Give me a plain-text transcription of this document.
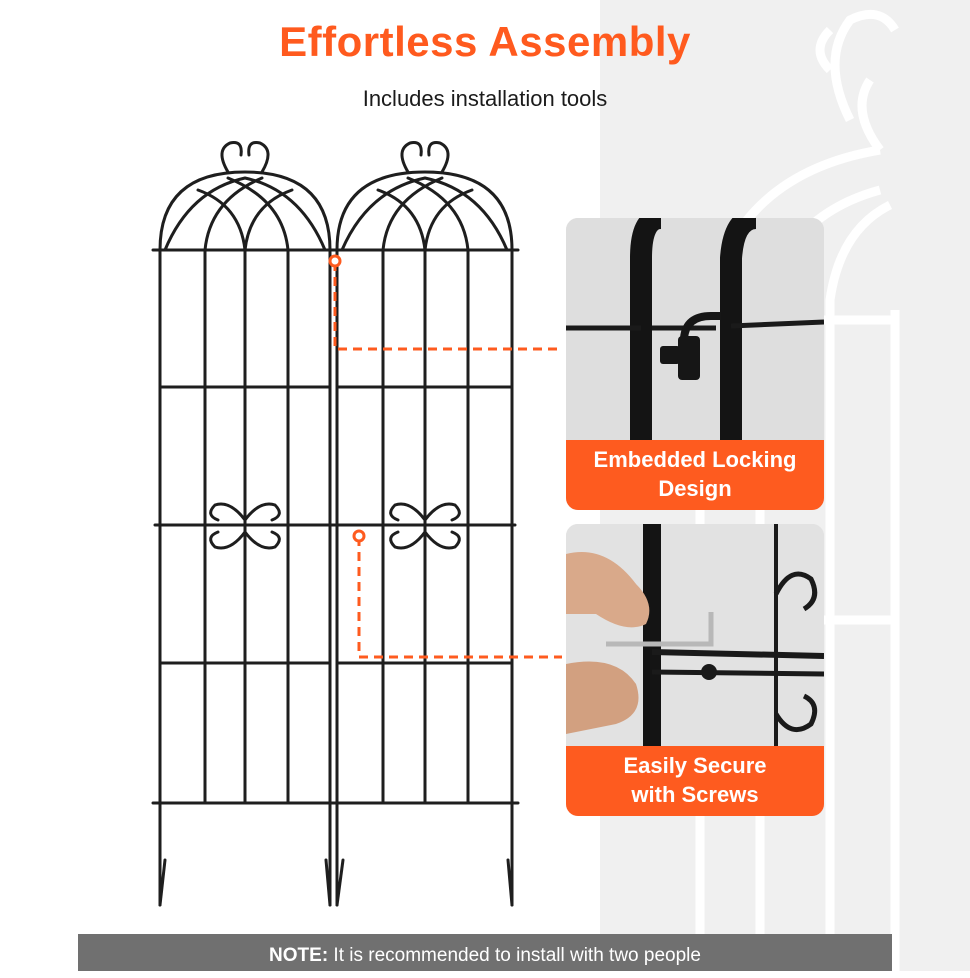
Effortless Assembly
Includes installation tools
Embedded Locking
Design
Easily Secure
with Screws
NOTE: It is recommended to install with two people
